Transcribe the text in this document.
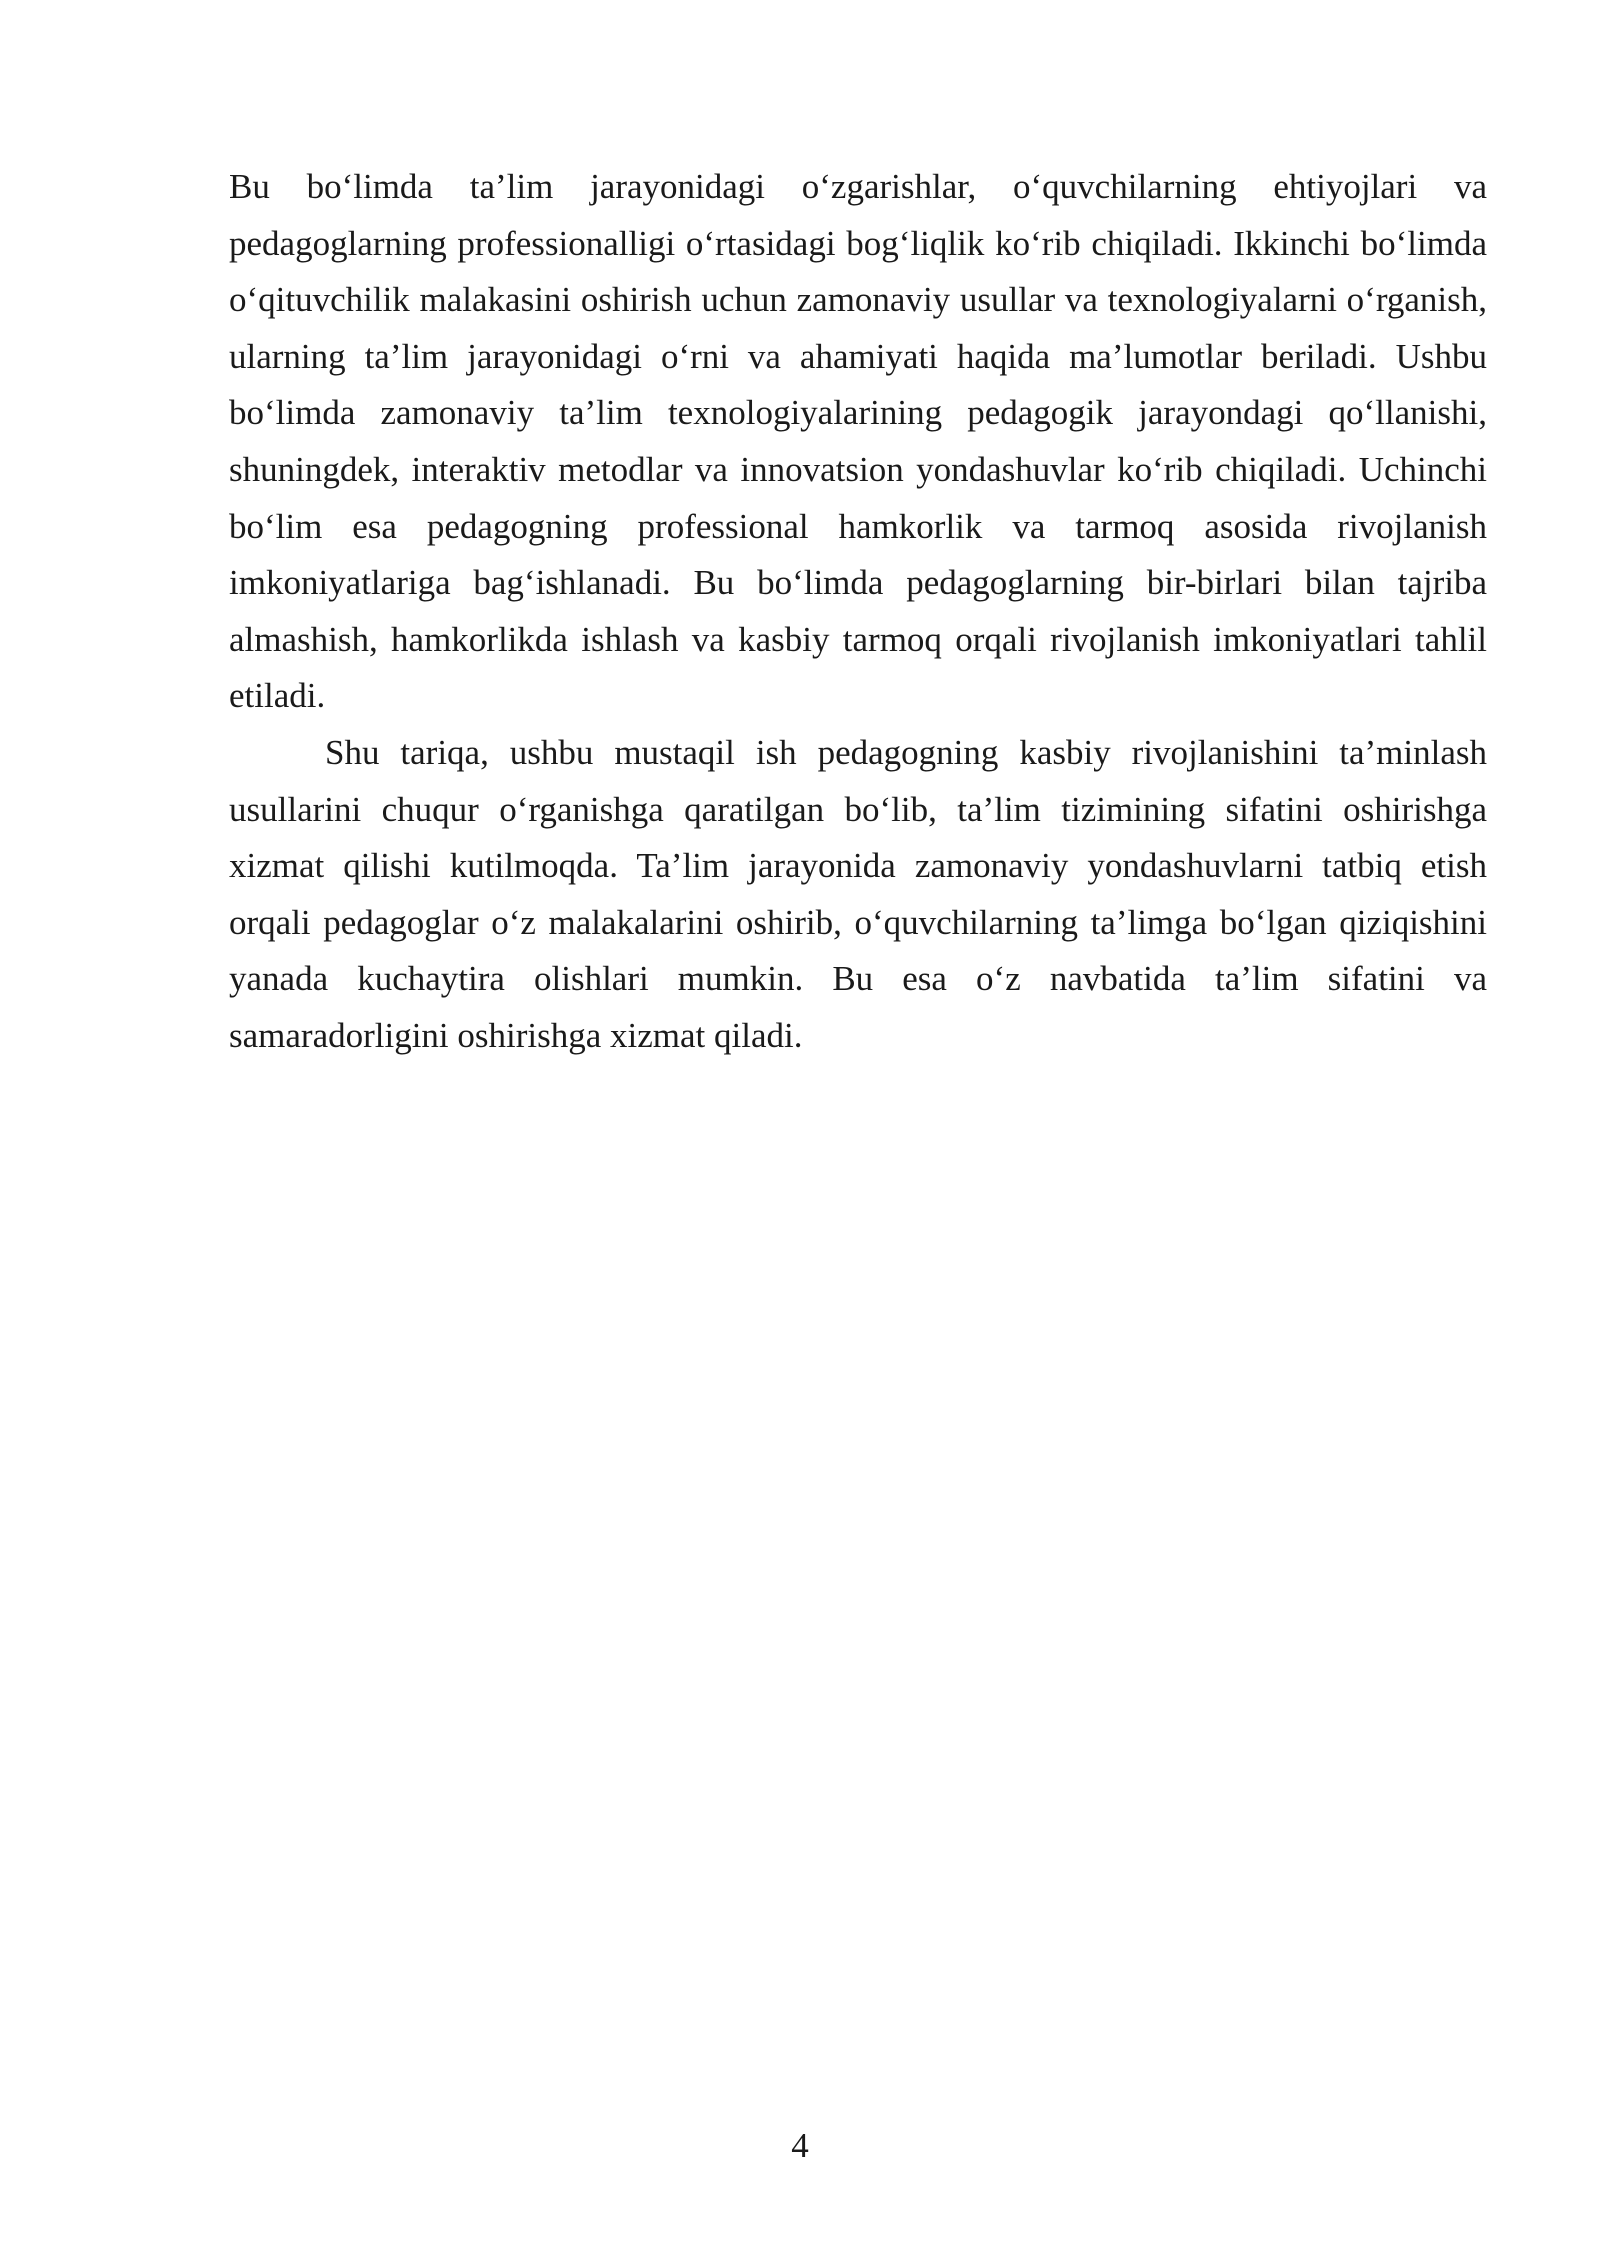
Bu bo‘limda ta’lim jarayonidagi o‘zgarishlar, o‘quvchilarning ehtiyojlari va pedagoglarning professionalligi o‘rtasidagi bog‘liqlik ko‘rib chiqiladi. Ikkinchi bo‘limda o‘qituvchilik malakasini oshirish uchun zamonaviy usullar va texnologiyalarni o‘rganish, ularning ta’lim jarayonidagi o‘rni va ahamiyati haqida ma’lumotlar beriladi. Ushbu bo‘limda zamonaviy ta’lim texnologiyalarining pedagogik jarayondagi qo‘llanishi, shuningdek, interaktiv metodlar va innovatsion yondashuvlar ko‘rib chiqiladi. Uchinchi bo‘lim esa pedagogning professional hamkorlik va tarmoq asosida rivojlanish imkoniyatlariga bag‘ishlanadi. Bu bo‘limda pedagoglarning bir-birlari bilan tajriba almashish, hamkorlikda ishlash va kasbiy tarmoq orqali rivojlanish imkoniyatlari tahlil etiladi.

Shu tariqa, ushbu mustaqil ish pedagogning kasbiy rivojlanishini ta’minlash usullarini chuqur o‘rganishga qaratilgan bo‘lib, ta’lim tizimining sifatini oshirishga xizmat qilishi kutilmoqda. Ta’lim jarayonida zamonaviy yondashuvlarni tatbiq etish orqali pedagoglar o‘z malakalarini oshirib, o‘quvchilarning ta’limga bo‘lgan qiziqishini yanada kuchaytira olishlari mumkin. Bu esa o‘z navbatida ta’lim sifatini va samaradorligini oshirishga xizmat qiladi.

4
